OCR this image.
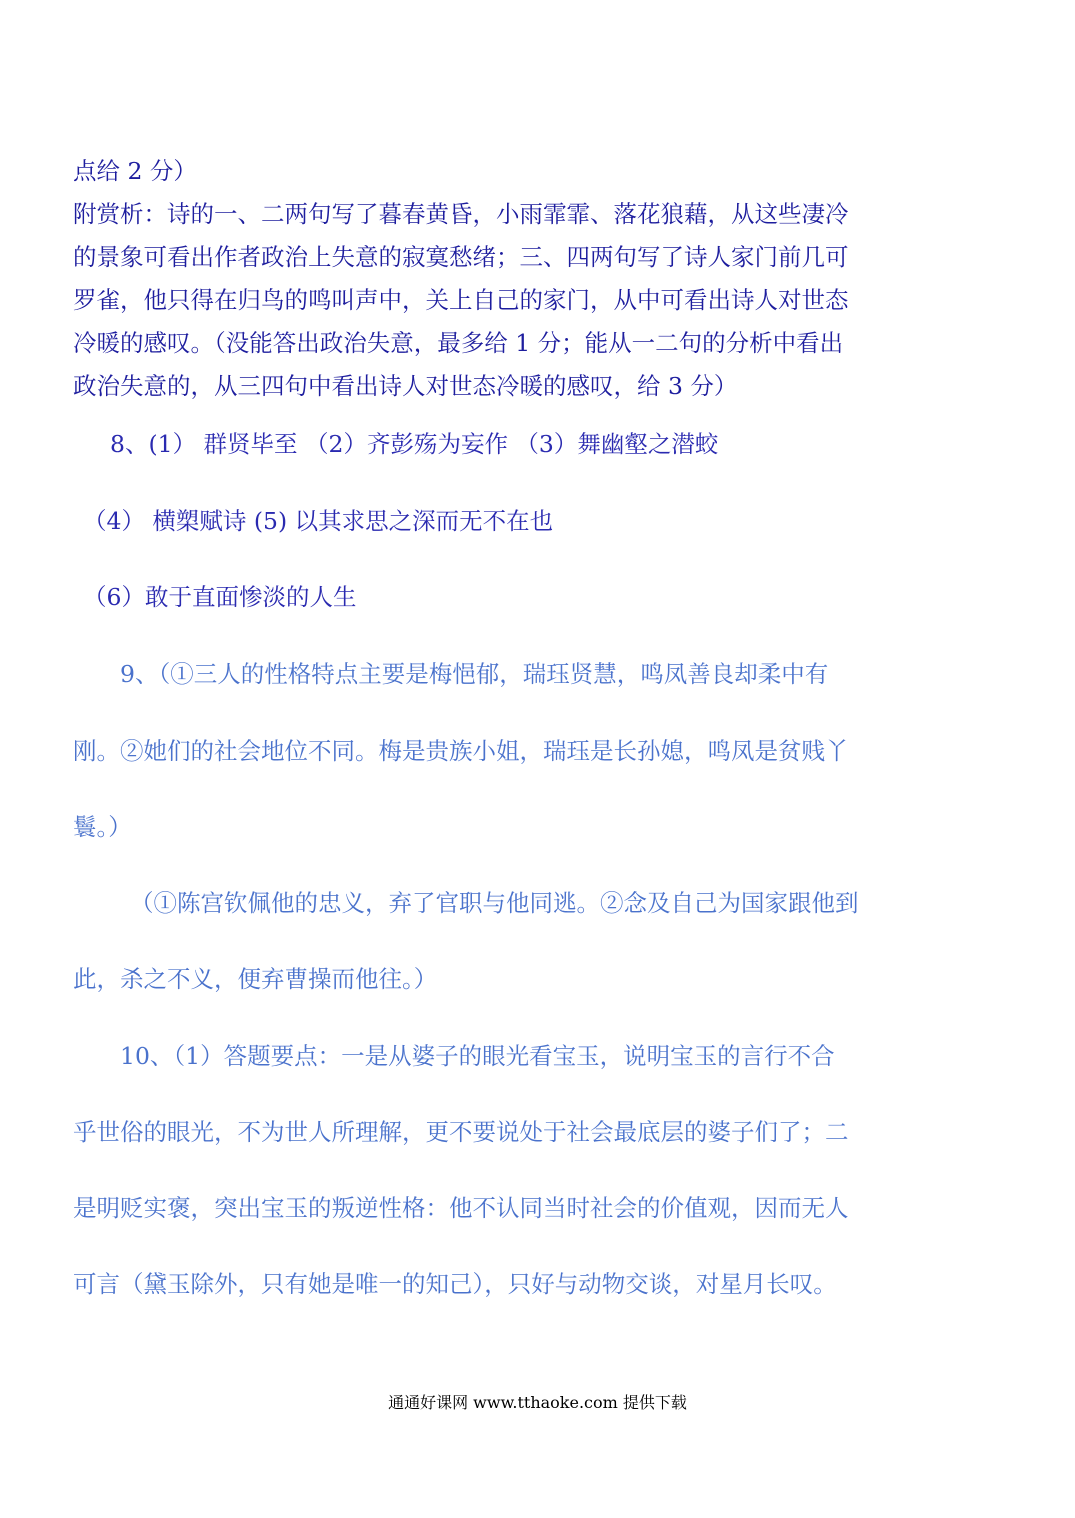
点给 2 分）
附赏析：诗的一、二两句写了暮春黄昏，小雨霏霏、落花狼藉，从这些凄冷
的景象可看出作者政治上失意的寂寞愁绪；三、四两句写了诗人家门前几可
罗雀，他只得在归鸟的鸣叫声中，关上自己的家门，从中可看出诗人对世态
冷暖的感叹。（没能答出政治失意，最多给 1 分；能从一二句的分析中看出
政治失意的，从三四句中看出诗人对世态冷暖的感叹，给 3 分）
8、(1） 群贤毕至 （2）齐彭殇为妄作 （3）舞幽壑之潜蛟
（4） 横槊赋诗 (5) 以其求思之深而无不在也
（6）敢于直面惨淡的人生
9、（①三人的性格特点主要是梅悒郁，瑞珏贤慧，鸣凤善良却柔中有
刚。②她们的社会地位不同。梅是贵族小姐，瑞珏是长孙媳，鸣凤是贫贱丫
鬟。）
（①陈宫钦佩他的忠义，弃了官职与他同逃。②念及自己为国家跟他到
此，杀之不义，便弃曹操而他往。）
10、（1）答题要点：一是从婆子的眼光看宝玉，说明宝玉的言行不合
乎世俗的眼光，不为世人所理解，更不要说处于社会最底层的婆子们了；二
是明贬实褒，突出宝玉的叛逆性格：他不认同当时社会的价值观，因而无人
可言（黛玉除外，只有她是唯一的知己），只好与动物交谈，对星月长叹。
通通好课网 www.tthaoke.com 提供下载
